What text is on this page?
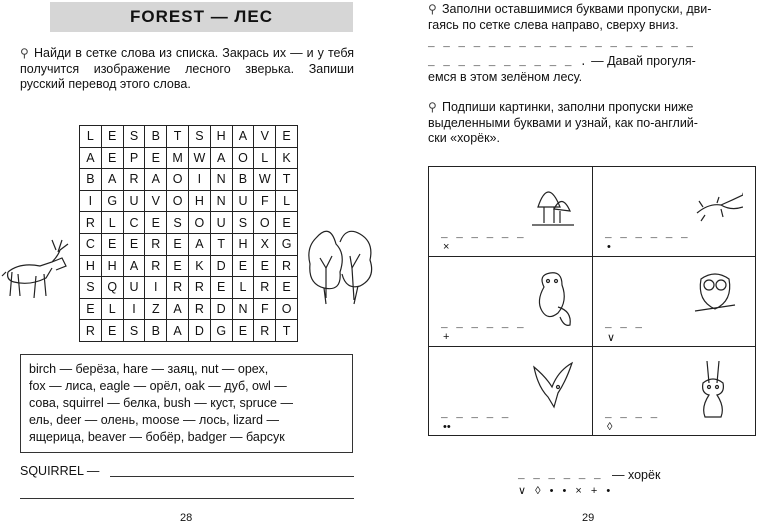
FOREST — ЛЕС
⚲ Найди в сетке слова из списка. Закрась их — и у тебя получится изображение лесного зверька. Запиши русский перевод этого слова.
L	E	S	B	T	S	H	A	V	E
A	E	P	E	M	W	A	O	L	K
B	A	R	A	O	I	N	B	W	T
I	G	U	V	O	H	N	U	F	L
R	L	C	E	S	O	U	S	O	E
C	E	E	R	E	A	T	H	X	G
H	H	A	R	E	K	D	E	E	R
S	Q	U	I	R	R	E	L	R	E
E	L	I	Z	A	R	D	N	F	O
R	E	S	B	A	D	G	E	R	T
birch — берёза, hare — заяц, nut — орех,
fox — лиса, eagle — орёл, oak — дуб, owl —
сова, squirrel — белка, bush — куст, spruce —
ель, deer — олень, moose — лось, lizard —
ящерица, beaver — бобёр, badger — барсук
SQUIRREL —
28
⚲ Заполни оставшимися буквами пропуски, дви-
гаясь по сетке слева направо, сверху вниз.
_ _ _ _ _ _ _ _ _ _ _ _ _ _ _ _ _ _
_ _ _ _ _ _ _ _ _ _ . — Давай прогуля-
емся в этом зелёном лесу.
⚲ Подпиши картинки, заполни пропуски ниже
выделенными буквами и узнай, как по-англий-
ски «хорёк».
_ _ _ _ _ _
×
_ _ _ _ _ _
•
_ _ _ _ _ _
+
_ _ _
∨
_ _ _ _ _
••
_ _ _ _
◊
_ _ _ _ _ _
∨ ◊ • • × + •
— хорёк
29
